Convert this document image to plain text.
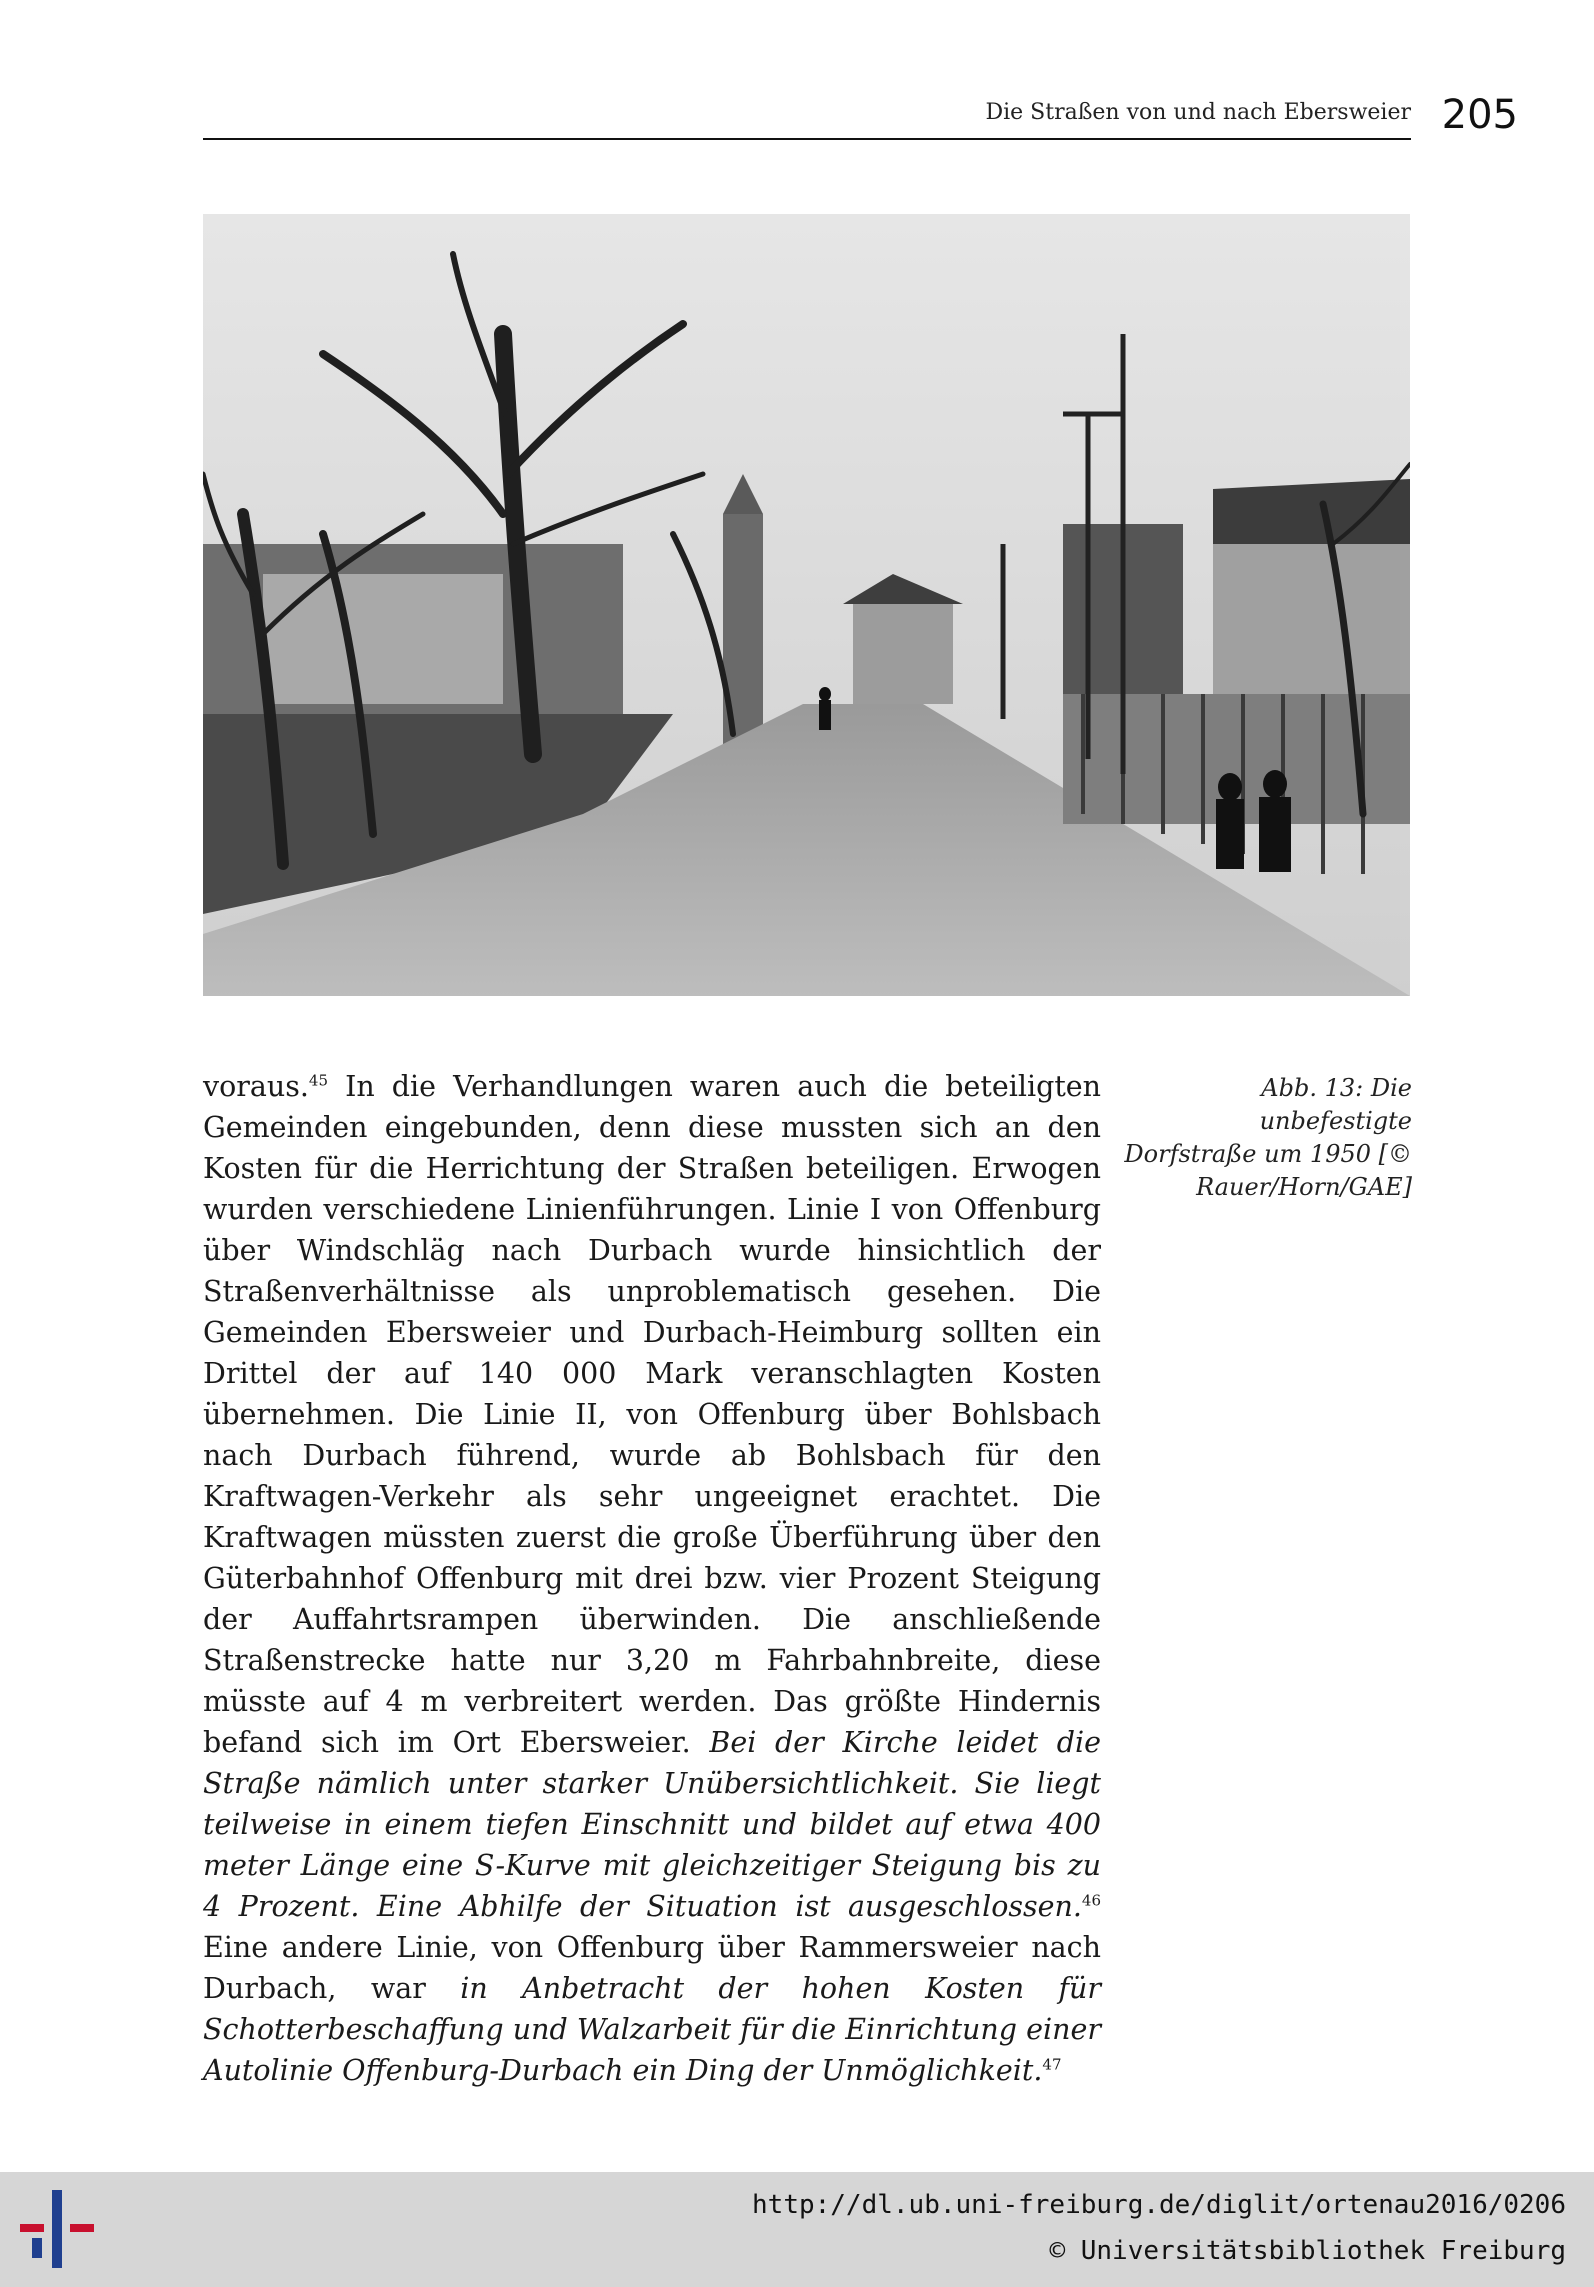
Die Straßen von und nach Ebersweier 205
voraus.$^{45}$ In die Verhandlungen waren auch die beteiligten Gemeinden eingebunden, denn diese mussten sich an den Kosten für die Herrichtung der Straßen beteiligen. Erwogen wurden verschiedene Linienführungen. Linie I von Offenburg über Windschläg nach Durbach wurde hinsichtlich der Straßenverhältnisse als unproblematisch gesehen. Die Gemeinden Ebersweier und Durbach-Heimburg sollten ein Drittel der auf 140 000 Mark veranschlagten Kosten übernehmen. Die Linie II, von Offenburg über Bohlsbach nach Durbach führend, wurde ab Bohlsbach für den Kraftwagen-Verkehr als sehr ungeeignet erachtet. Die Kraftwagen müssten zuerst die große Überführung über den Güterbahnhof Offenburg mit drei bzw. vier Prozent Steigung der Auffahrtsrampen überwinden. Die anschließende Straßenstrecke hatte nur 3,20 m Fahrbahnbreite, diese müsste auf 4 m verbreitert werden. Das größte Hindernis befand sich im Ort Ebersweier. Bei der Kirche leidet die Straße nämlich unter starker Unübersichtlichkeit. Sie liegt teilweise in einem tiefen Einschnitt und bildet auf etwa 400 meter Länge eine S-Kurve mit gleichzeitiger Steigung bis zu 4 Prozent. Eine Abhilfe der Situation ist ausgeschlossen.$^{46}$ Eine andere Linie, von Offenburg über Rammersweier nach Durbach, war in Anbetracht der hohen Kosten für Schotterbeschaffung und Walzarbeit für die Einrichtung einer Autolinie Offenburg-Durbach ein Ding der Unmöglichkeit.$^{47}$
Abb. 13: Die unbefestigte Dorfstraße um 1950 [© Rauer/Horn/GAE]
http://dl.ub.uni-freiburg.de/diglit/ortenau2016/0206
© Universitätsbibliothek Freiburg
